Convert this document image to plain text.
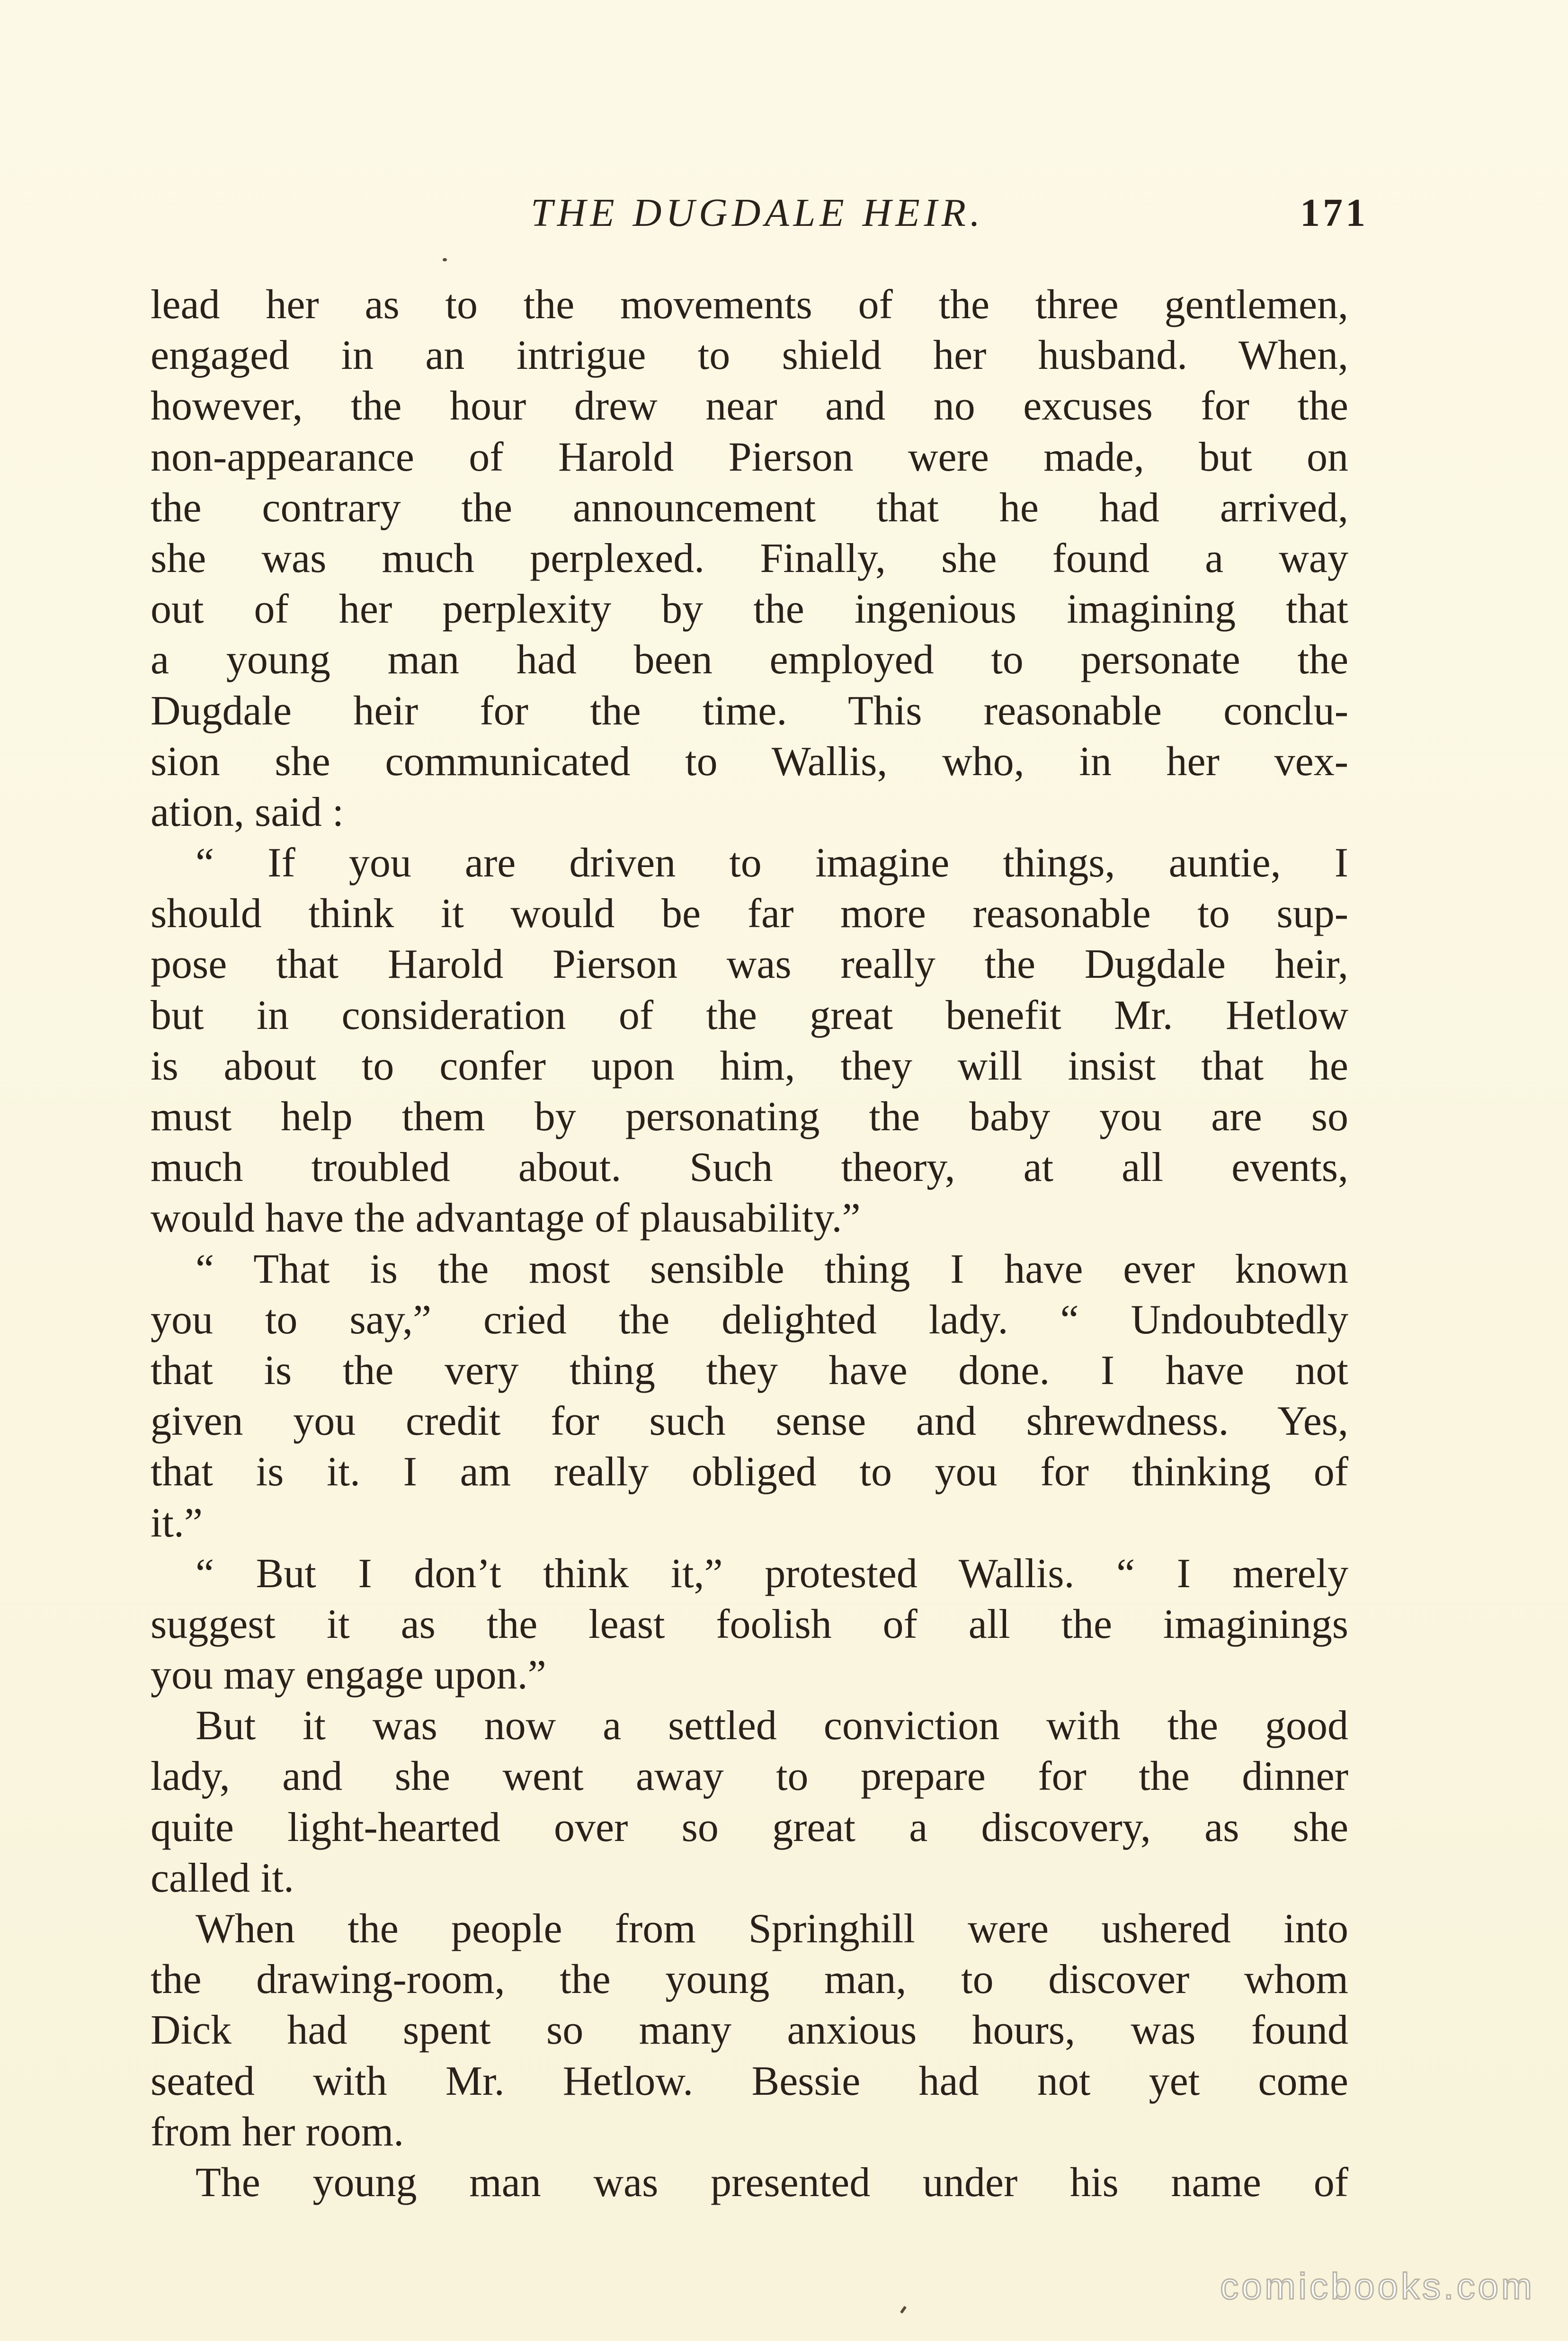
THE DUGDALE HEIR.	171
lead her as to the movements of the three gentlemen,
engaged in an intrigue to shield her husband. When,
however, the hour drew near and no excuses for the
non-appearance of Harold Pierson were made, but on
the contrary the announcement that he had arrived,
she was much perplexed. Finally, she found a way
out of her perplexity by the ingenious imagining that
a young man had been employed to personate the
Dugdale heir for the time. This reasonable conclu-
sion she communicated to Wallis, who, in her vex-
ation, said :
“ If you are driven to imagine things, auntie, I
should think it would be far more reasonable to sup-
pose that Harold Pierson was really the Dugdale heir,
but in consideration of the great benefit Mr. Hetlow
is about to confer upon him, they will insist that he
must help them by personating the baby you are so
much troubled about. Such theory, at all events,
would have the advantage of plausability.”
“ That is the most sensible thing I have ever known
you to say,” cried the delighted lady. “ Undoubtedly
that is the very thing they have done. I have not
given you credit for such sense and shrewdness. Yes,
that is it. I am really obliged to you for thinking of
it.”
“ But I don’t think it,” protested Wallis. “ I merely
suggest it as the least foolish of all the imaginings
you may engage upon.”
But it was now a settled conviction with the good
lady, and she went away to prepare for the dinner
quite light-hearted over so great a discovery, as she
called it.
When the people from Springhill were ushered into
the drawing-room, the young man, to discover whom
Dick had spent so many anxious hours, was found
seated with Mr. Hetlow. Bessie had not yet come
from her room.
The young man was presented under his name of
comicbooks.com
